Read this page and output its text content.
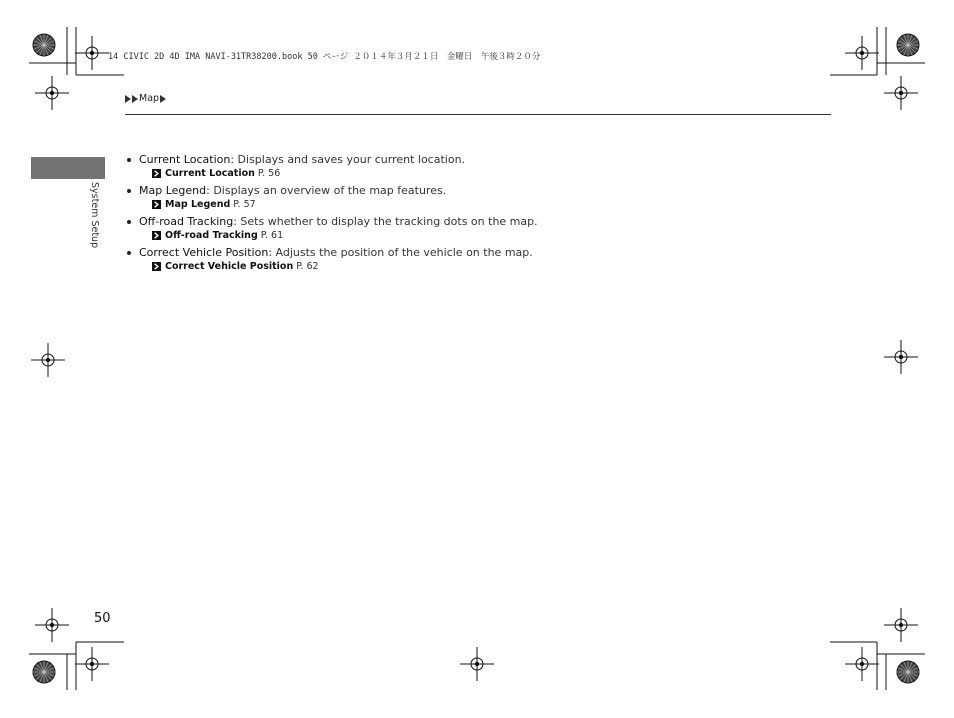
14 CIVIC 2D 4D IMA NAVI-31TR38200.book 50 ページ ２０１４年３月２１日　金曜日　午後３時２０分
Map
System Setup
Current Location: Displays and saves your current location.
Current Location P. 56
Map Legend: Displays an overview of the map features.
Map Legend P. 57
Off-road Tracking: Sets whether to display the tracking dots on the map.
Off-road Tracking P. 61
Correct Vehicle Position: Adjusts the position of the vehicle on the map.
Correct Vehicle Position P. 62
50
